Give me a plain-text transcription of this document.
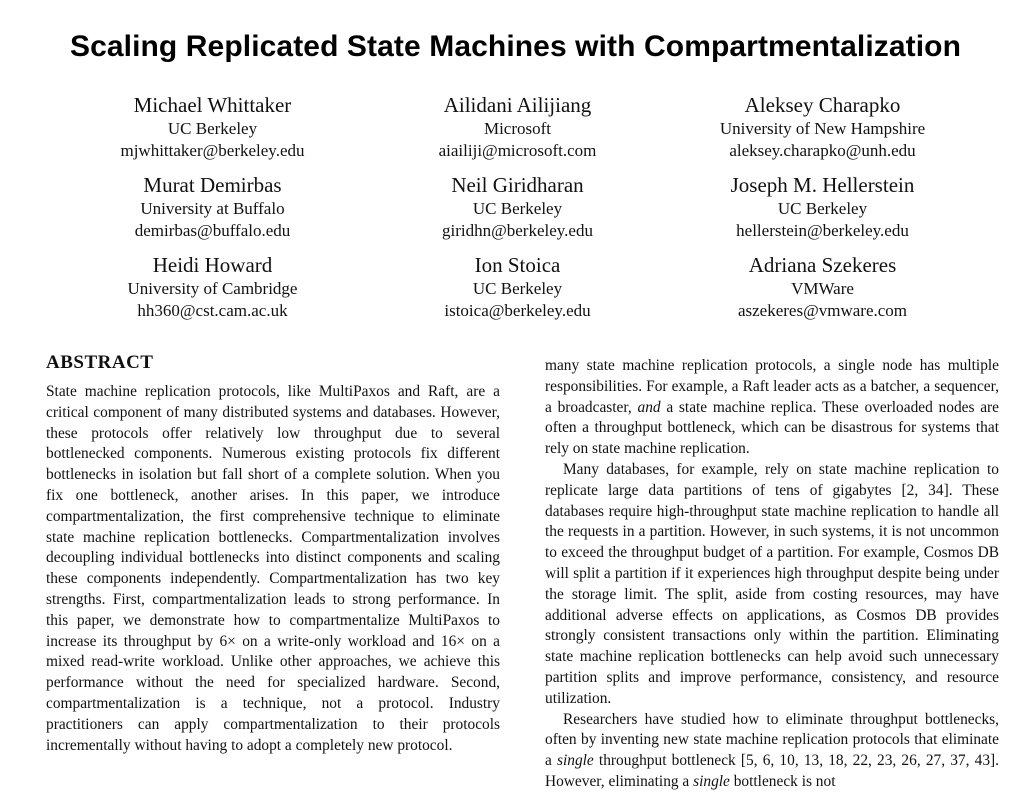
Scaling Replicated State Machines with Compartmentalization
Michael Whittaker
UC Berkeley
mjwhittaker@berkeley.edu
Ailidani Ailijiang
Microsoft
aiailiji@microsoft.com
Aleksey Charapko
University of New Hampshire
aleksey.charapko@unh.edu
Murat Demirbas
University at Buffalo
demirbas@buffalo.edu
Neil Giridharan
UC Berkeley
giridhn@berkeley.edu
Joseph M. Hellerstein
UC Berkeley
hellerstein@berkeley.edu
Heidi Howard
University of Cambridge
hh360@cst.cam.ac.uk
Ion Stoica
UC Berkeley
istoica@berkeley.edu
Adriana Szekeres
VMWare
aszekeres@vmware.com
ABSTRACT

State machine replication protocols, like MultiPaxos and Raft, are a critical component of many distributed systems and databases. However, these protocols offer relatively low throughput due to several bottlenecked components. Numerous existing protocols fix different bottlenecks in isolation but fall short of a complete solution. When you fix one bottleneck, another arises. In this paper, we introduce compartmentalization, the first comprehensive technique to eliminate state machine replication bottlenecks. Compartmentalization involves decoupling individual bottlenecks into distinct components and scaling these components independently. Compartmentalization has two key strengths. First, compartmentalization leads to strong performance. In this paper, we demonstrate how to compartmentalize MultiPaxos to increase its throughput by 6× on a write-only workload and 16× on a mixed read-write workload. Unlike other approaches, we achieve this performance without the need for specialized hardware. Second, compartmentalization is a technique, not a protocol. Industry practitioners can apply compartmentalization to their protocols incrementally without having to adopt a completely new protocol.

many state machine replication protocols, a single node has multiple responsibilities. For example, a Raft leader acts as a batcher, a sequencer, a broadcaster, and a state machine replica. These overloaded nodes are often a throughput bottleneck, which can be disastrous for systems that rely on state machine replication.

Many databases, for example, rely on state machine replication to replicate large data partitions of tens of gigabytes [2, 34]. These databases require high-throughput state machine replication to handle all the requests in a partition. However, in such systems, it is not uncommon to exceed the throughput budget of a partition. For example, Cosmos DB will split a partition if it experiences high throughput despite being under the storage limit. The split, aside from costing resources, may have additional adverse effects on applications, as Cosmos DB provides strongly consistent transactions only within the partition. Eliminating state machine replication bottlenecks can help avoid such unnecessary partition splits and improve performance, consistency, and resource utilization.

Researchers have studied how to eliminate throughput bottlenecks, often by inventing new state machine replication protocols that eliminate a single throughput bottleneck [5, 6, 10, 13, 18, 22, 23, 26, 27, 37, 43]. However, eliminating a single bottleneck is not
